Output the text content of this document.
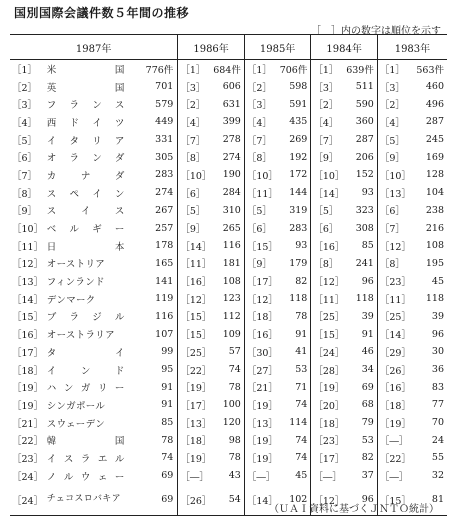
国別国際会議件数５年間の推移
［　］内の数字は順位を示す
1987年			1986年		1985年		1984年		1983年	
［1］	米　　　国	776件	［1］	684件	［1］	706件	［1］	639件	［1］	563件
［2］	英　　　国	701	［3］	606	［2］	598	［3］	511	［3］	460
［3］	フ ラ ン ス	579	［2］	631	［3］	591	［2］	590	［2］	496
［4］	西 ド イ ツ	449	［4］	399	［4］	435	［4］	360	［4］	287
［5］	イ タ リ ア	331	［7］	278	［7］	269	［7］	287	［5］	245
［6］	オ ラ ン ダ	305	［8］	274	［8］	192	［9］	206	［9］	169
［7］	カ　ナ　ダ	283	［10］	190	［10］	172	［10］	152	［10］	128
［8］	ス ペ イ ン	274	［6］	284	［11］	144	［14］	93	［13］	104
［9］	ス　イ　ス	267	［5］	310	［5］	319	［5］	323	［6］	238
［10］	ベ ル ギ ー	257	［9］	265	［6］	283	［6］	308	［7］	216
［11］	日　　　本	178	［14］	116	［15］	93	［16］	85	［12］	108
［12］	オーストリア	165	［11］	181	［9］	179	［8］	241	［8］	195
［13］	フィンランド	141	［16］	108	［17］	82	［12］	96	［23］	45
［14］	デンマーク	119	［12］	123	［12］	118	［11］	118	［11］	118
［15］	ブ ラ ジ ル	116	［15］	112	［18］	78	［25］	39	［25］	39
［16］	オーストラリア	107	［15］	109	［16］	91	［15］	91	［14］	96
［17］	タ　　　イ	99	［25］	57	［30］	41	［24］	46	［29］	30
［18］	イ　ン　ド	95	［22］	74	［27］	53	［28］	34	［26］	36
［19］	ハ ン ガ リ ー	91	［19］	78	［21］	71	［19］	69	［16］	83
［19］	シンガポール	91	［17］	100	［19］	74	［20］	68	［18］	77
［21］	スウェーデン	85	［13］	120	［13］	114	［18］	79	［19］	70
［22］	韓　　　国	78	［18］	98	［19］	74	［23］	53	［―］	24
［23］	イ ス ラ エ ル	74	［19］	78	［19］	74	［17］	82	［22］	55
［24］	ノ ル ウ ェ ー	69	［―］	43	［―］	45	［―］	37	［―］	32
［24］	チェコスロバキア	69	［26］	54	［14］	102	［12］	96	［15］	81
（ＵＡＩ資料に基づくＪＮＴＯ統計）
